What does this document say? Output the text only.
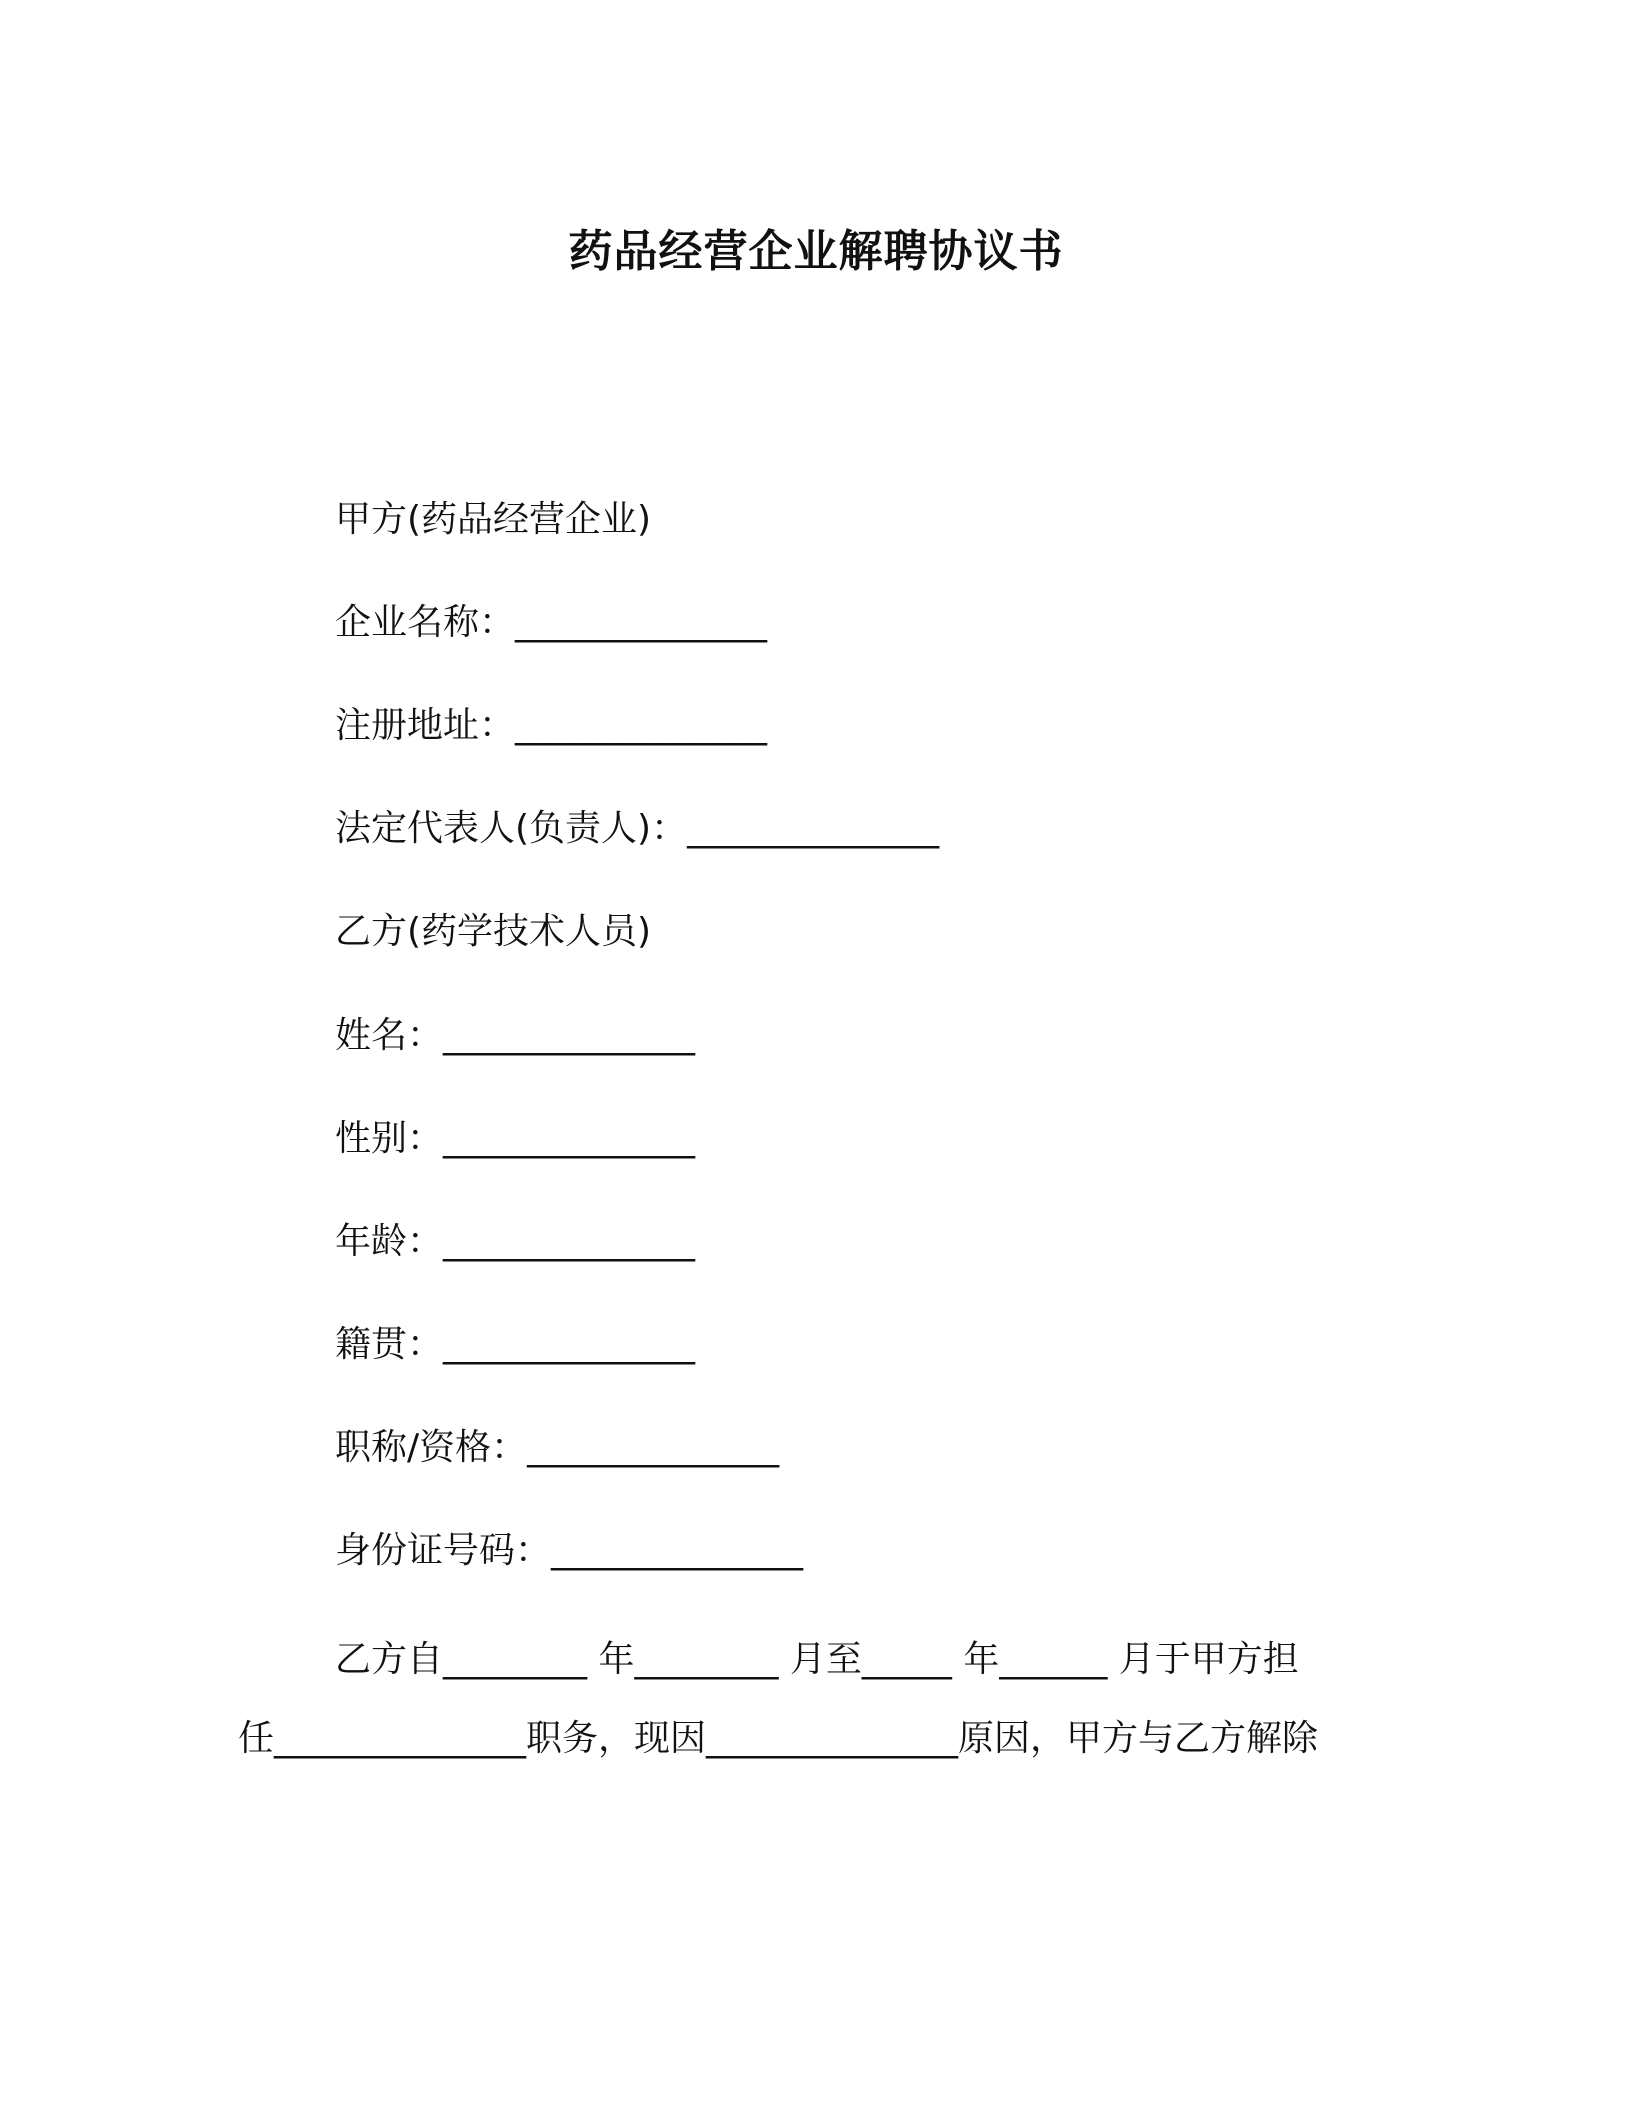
药品经营企业解聘协议书
甲方(药品经营企业)
企业名称：______________
注册地址：______________
法定代表人(负责人)：______________
乙方(药学技术人员)
姓名：______________
性别：______________
年龄：______________
籍贯：______________
职称/资格：______________
身份证号码：______________
乙方自________ 年________ 月至_____ 年______ 月于甲方担
任______________职务，现因______________原因，甲方与乙方解除
